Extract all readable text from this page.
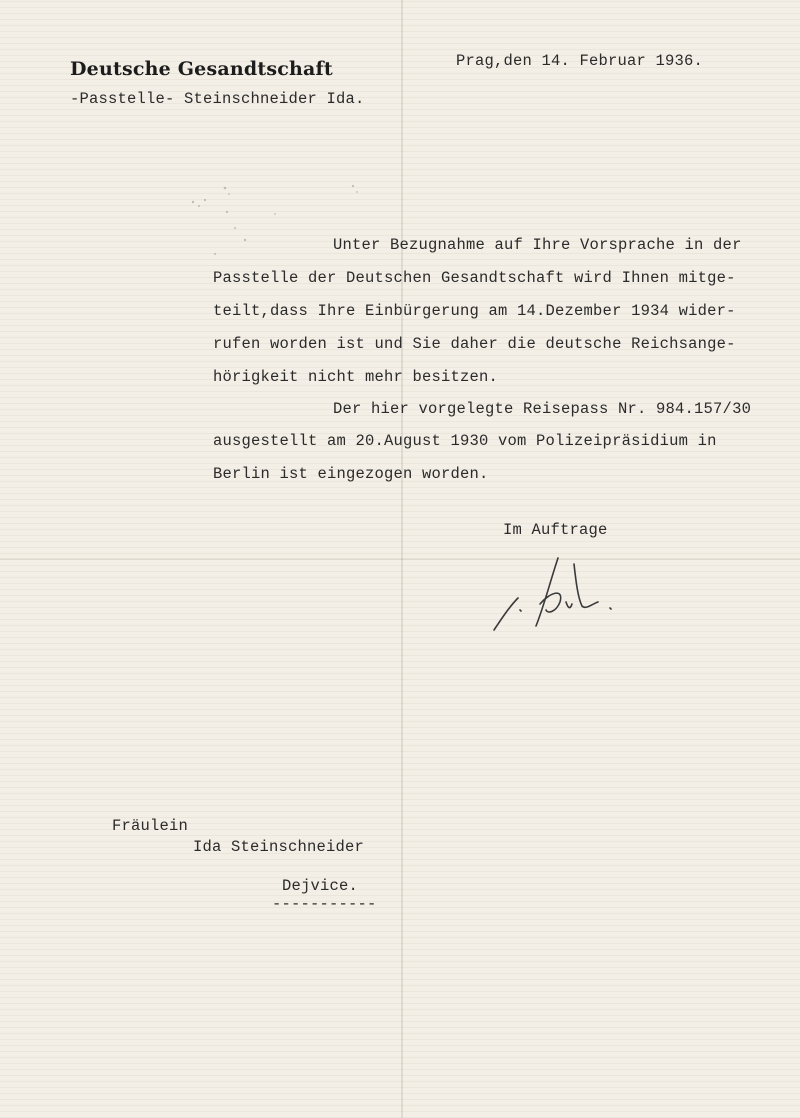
Deutsche Gesandtschaft	Prag,den 14. Februar 1936.
-Passtelle- Steinschneider Ida.
Unter Bezugnahme auf Ihre Vorsprache in der
Passtelle der Deutschen Gesandtschaft wird Ihnen mitge-
teilt,dass Ihre Einbürgerung am 14.Dezember 1934 wider-
rufen worden ist und Sie daher die deutsche Reichsange-
hörigkeit nicht mehr besitzen.
Der hier vorgelegte Reisepass Nr. 984.157/30
ausgestellt am 20.August 1930 vom Polizeipräsidium in
Berlin ist eingezogen worden.
Im Auftrage
Fräulein
Ida Steinschneider
Dejvice.
-----------
